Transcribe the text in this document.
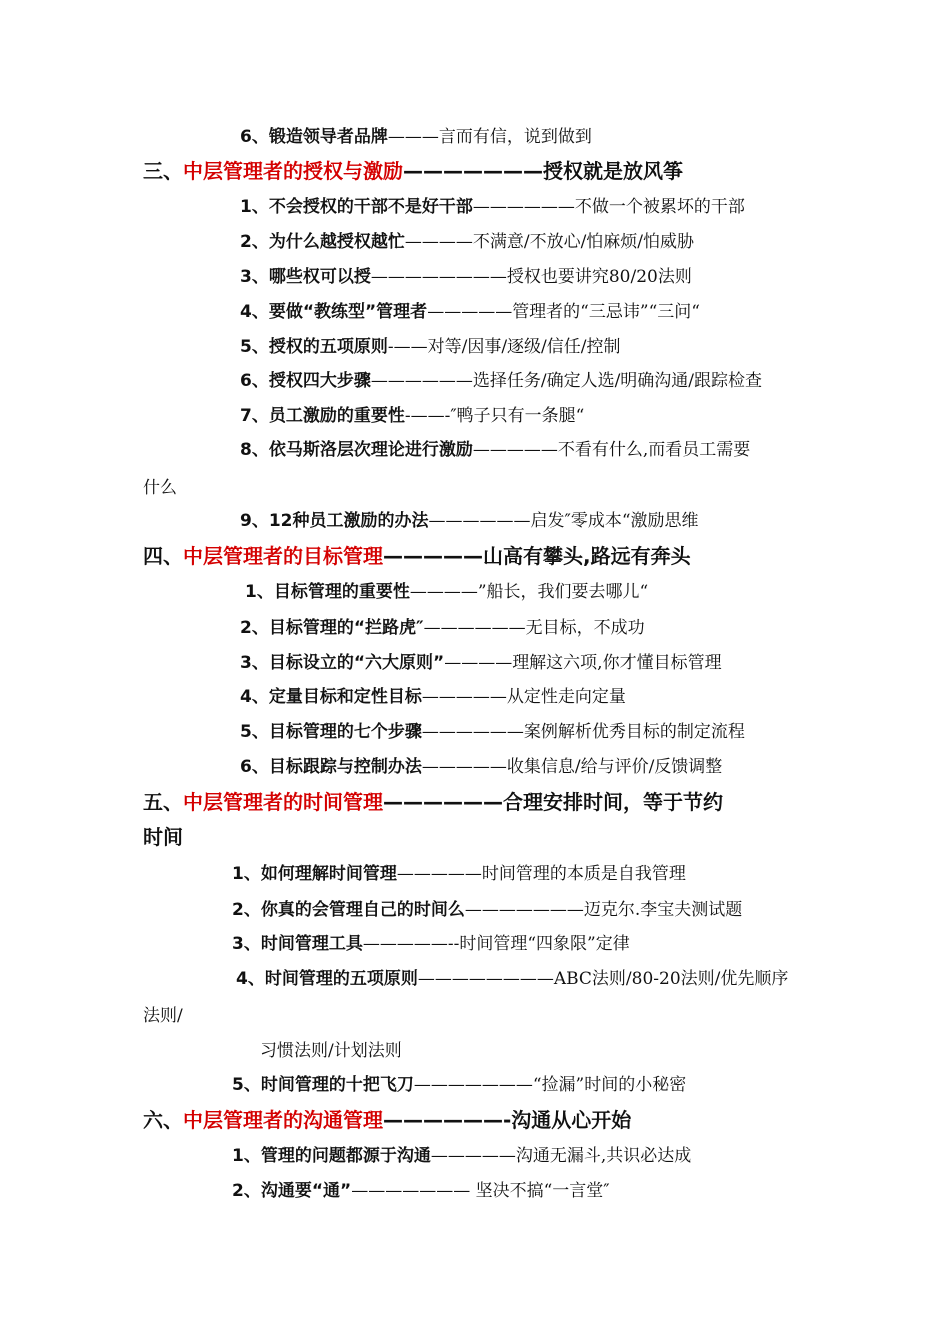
6、锻造领导者品牌———言而有信，说到做到
三、中层管理者的授权与激励———————授权就是放风筝
1、不会授权的干部不是好干部——————不做一个被累坏的干部
2、为什么越授权越忙————不满意/不放心/怕麻烦/怕威胁
3、哪些权可以授————————授权也要讲究80/20法则
4、要做“教练型”管理者—————管理者的“三忌讳”“三问“
5、授权的五项原则-——对等/因事/逐级/信任/控制
6、授权四大步骤——————选择任务/确定人选/明确沟通/跟踪检查
7、员工激励的重要性-——-″鸭子只有一条腿“
8、依马斯洛层次理论进行激励—————不看有什么,而看员工需要
什么
9、12种员工激励的办法——————启发″零成本“激励思维
四、中层管理者的目标管理—————山高有攀头,路远有奔头
1、目标管理的重要性————”船长，我们要去哪儿“
2、目标管理的“拦路虎″——————无目标，不成功
3、目标设立的“六大原则”————理解这六项,你才懂目标管理
4、定量目标和定性目标—————从定性走向定量
5、目标管理的七个步骤——————案例解析优秀目标的制定流程
6、目标跟踪与控制办法—————收集信息/给与评价/反馈调整
五、中层管理者的时间管理——————合理安排时间，等于节约
时间
1、如何理解时间管理—————时间管理的本质是自我管理
2、你真的会管理自己的时间么———————迈克尔.李宝夫测试题
3、时间管理工具—————--时间管理“四象限”定律
4、时间管理的五项原则————————ABC法则/80-20法则/优先顺序
法则/
习惯法则/计划法则
5、时间管理的十把飞刀———————“捡漏”时间的小秘密
六、中层管理者的沟通管理——————-沟通从心开始
1、管理的问题都源于沟通—————沟通无漏斗,共识必达成
2、沟通要“通”——————— 坚决不搞“一言堂″
